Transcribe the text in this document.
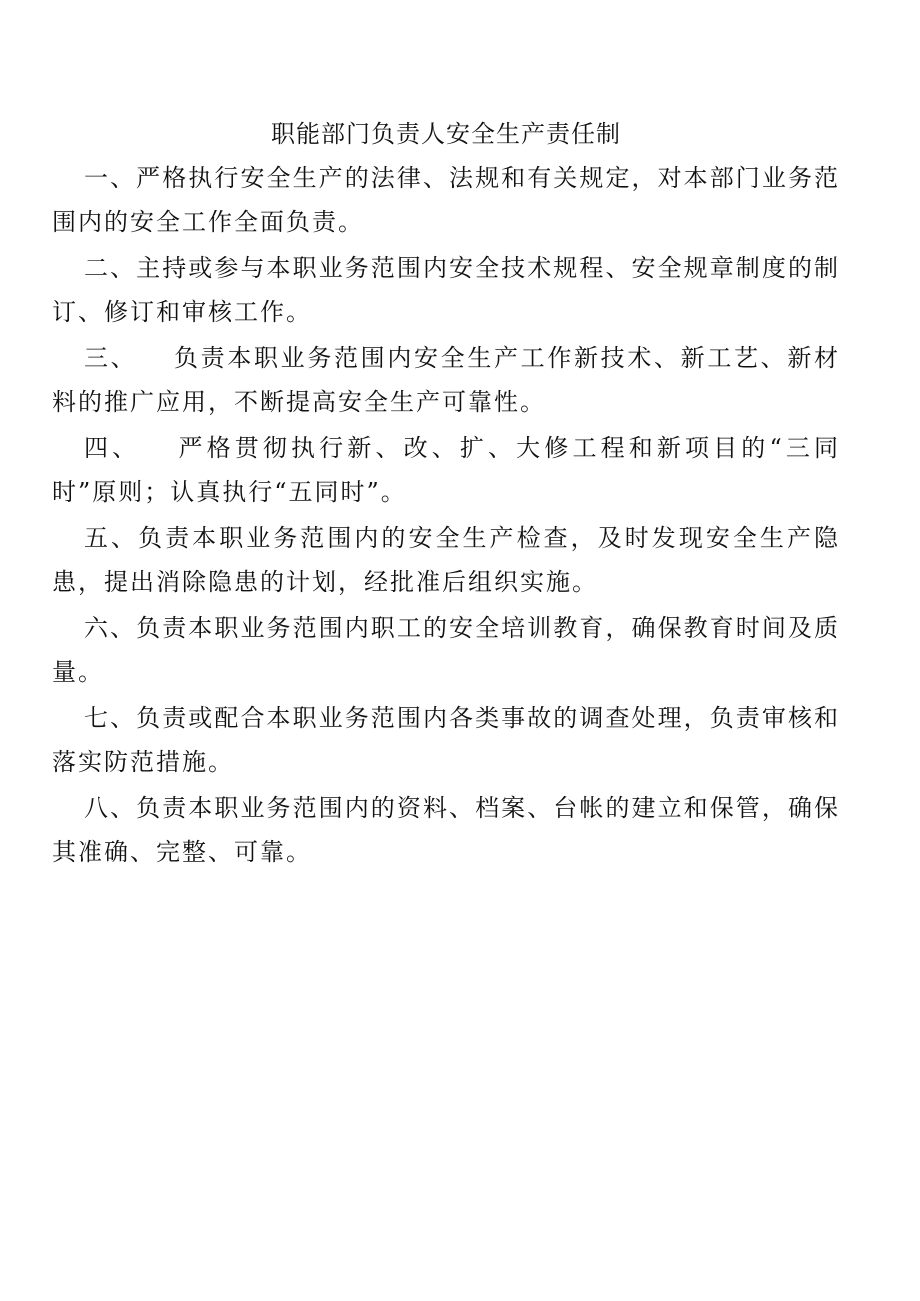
职能部门负责人安全生产责任制

一、严格执行安全生产的法律、法规和有关规定，对本部门业务范围内的安全工作全面负责。

二、主持或参与本职业务范围内安全技术规程、安全规章制度的制订、修订和审核工作。

三、 负责本职业务范围内安全生产工作新技术、新工艺、新材料的推广应用，不断提高安全生产可靠性。

四、 严格贯彻执行新、改、扩、大修工程和新项目的“三同时”原则；认真执行“五同时”。

五、负责本职业务范围内的安全生产检查，及时发现安全生产隐患，提出消除隐患的计划，经批准后组织实施。

六、负责本职业务范围内职工的安全培训教育，确保教育时间及质量。

七、负责或配合本职业务范围内各类事故的调查处理，负责审核和落实防范措施。

八、负责本职业务范围内的资料、档案、台帐的建立和保管，确保其准确、完整、可靠。
